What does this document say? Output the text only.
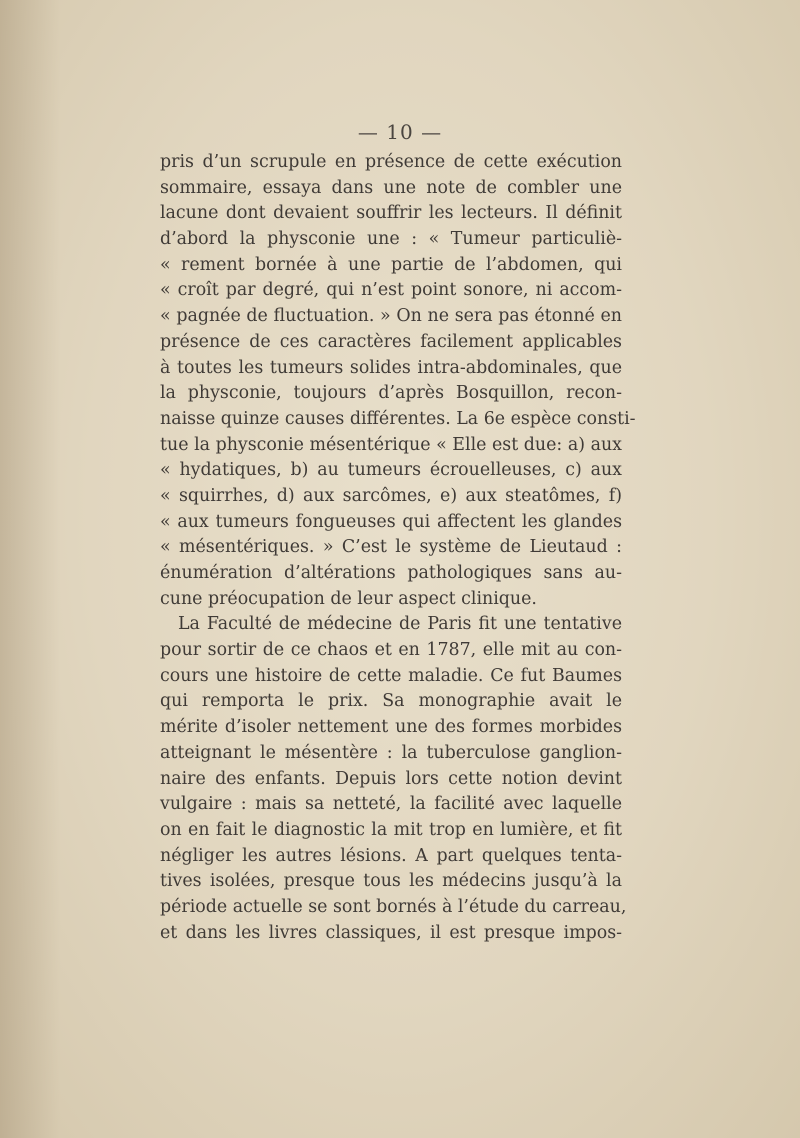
— 10 —
pris d’un scrupule en présence de cette exécution
sommaire, essaya dans une note de combler une
lacune dont devaient souffrir les lecteurs. Il définit
d’abord la physconie une : « Tumeur particuliè-
« rement bornée à une partie de l’abdomen, qui
« croît par degré, qui n’est point sonore, ni accom-
« pagnée de fluctuation. » On ne sera pas étonné en
présence de ces caractères facilement applicables
à toutes les tumeurs solides intra-abdominales, que
la physconie, toujours d’après Bosquillon, recon-
naisse quinze causes différentes. La 6e espèce consti-
tue la physconie mésentérique « Elle est due: a) aux
« hydatiques, b) au tumeurs écrouelleuses, c) aux
« squirrhes, d) aux sarcômes, e) aux steatômes, f)
« aux tumeurs fongueuses qui affectent les glandes
« mésentériques. » C’est le système de Lieutaud :
énumération d’altérations pathologiques sans au-
cune préocupation de leur aspect clinique.
La Faculté de médecine de Paris fit une tentative
pour sortir de ce chaos et en 1787, elle mit au con-
cours une histoire de cette maladie. Ce fut Baumes
qui remporta le prix. Sa monographie avait le
mérite d’isoler nettement une des formes morbides
atteignant le mésentère : la tuberculose ganglion-
naire des enfants. Depuis lors cette notion devint
vulgaire : mais sa netteté, la facilité avec laquelle
on en fait le diagnostic la mit trop en lumière, et fit
négliger les autres lésions. A part quelques tenta-
tives isolées, presque tous les médecins jusqu’à la
période actuelle se sont bornés à l’étude du carreau,
et dans les livres classiques, il est presque impos-
